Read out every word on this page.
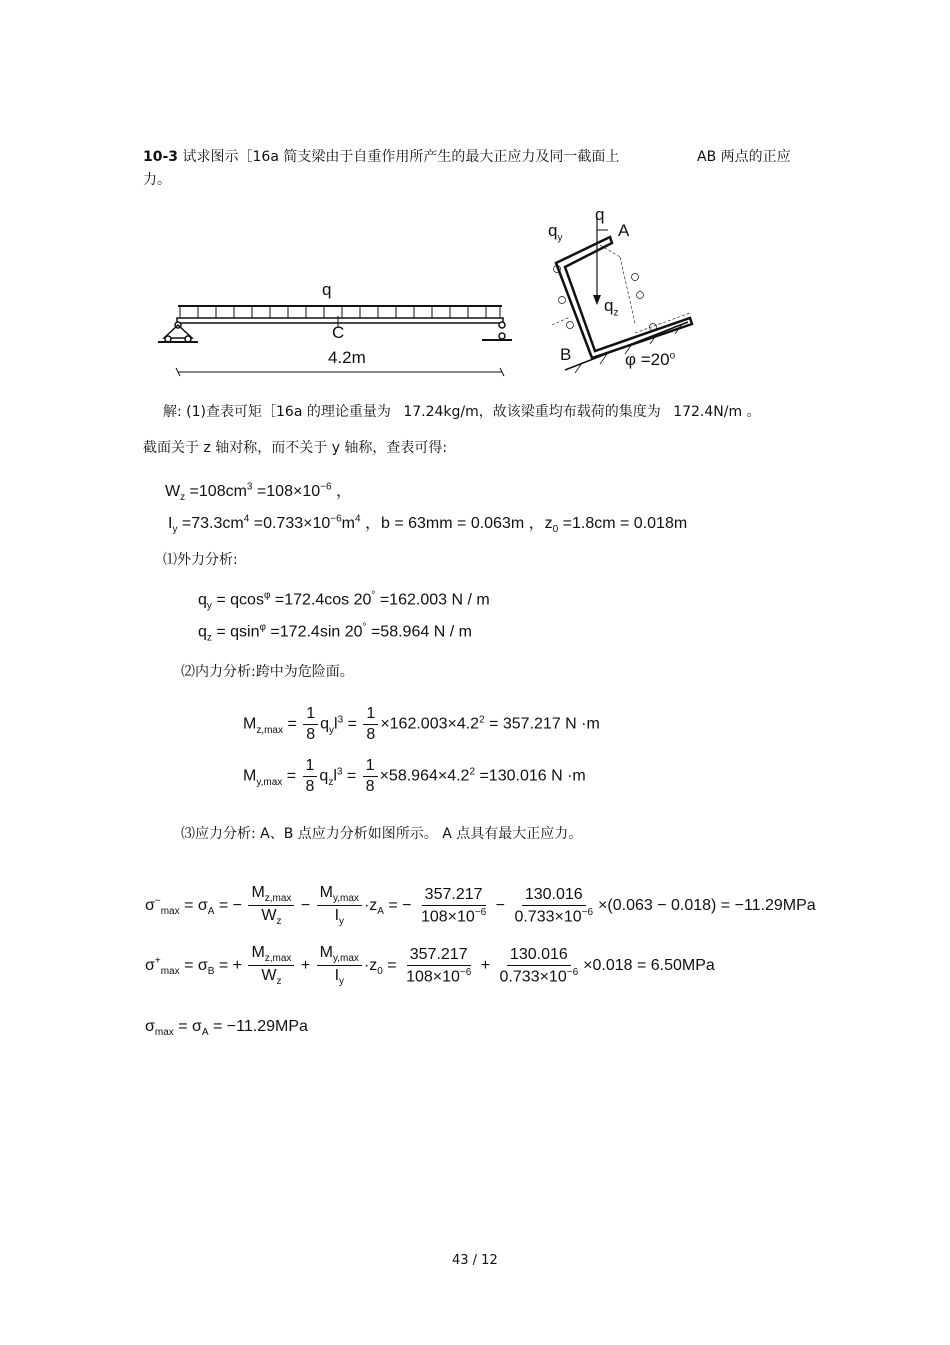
10-3 试求图示［16a 简支梁由于自重作用所产生的最大正应力及同一截面上	AB 两点的正应
力。
q
C
4.2m
q
$q_y$	A
$q_z$
B	$\varphi =20^o$
解: (1)查表可矩［16a 的理论重量为 17.24kg/m，故该梁重均布载荷的集度为 172.4N/m 。
截面关于 z 轴对称，而不关于 y 轴称，查表可得:
$W_z =108cm^3 =108\times 10^{-6}$ ，
$I_y =73.3cm^4 =0.733\times 10^{-6}m^4$ ，b = 63mm = 0.063m ，$z_0 =1.8cm = 0.018m$
⑴外力分析:
$q_y = qcos^\varphi =172.4\cos$ 20° =162.003 N / m
$q_z = qsin^\varphi =172.4\sin$ 20° =58.964 N / m
⑵内力分析:跨中为危险面。
$M_{z,max} = \frac{1}{8} q_yl^3 = \frac{1}{8} \times 162.003\times 4.2^2 = 357.217$ N ·m
$M_{y,max} = \frac{1}{8} q_zl^3 = \frac{1}{8} \times 58.964\times 4.2^2 =130.016$ N ·m
⑶应力分析: A、B 点应力分析如图所示。 A 点具有最大正应力。
$\sigma^-_{max} = \sigma_A$ = − $\frac{M_{z,max}}{W_z} - \frac{M_{y,max}}{I_y} \cdot z_A$ = − $\frac{357.217}{108\times 10^{-6}} - \frac{130.016}{0.733\times 10^{-6}} \times(0.063 - 0.018) = -11.29MPa$
$\sigma^+_{max} = \sigma_B$ = + $\frac{M_{z,max}}{W_z} + \frac{M_{y,max}}{I_y} \cdot z_0 = \frac{357.217}{108\times 10^{-6}} + \frac{130.016}{0.733\times 10^{-6}} \times 0.018 = 6.50MPa$
$\sigma_{max} = \sigma_A = -11.29MPa$
43 / 12
